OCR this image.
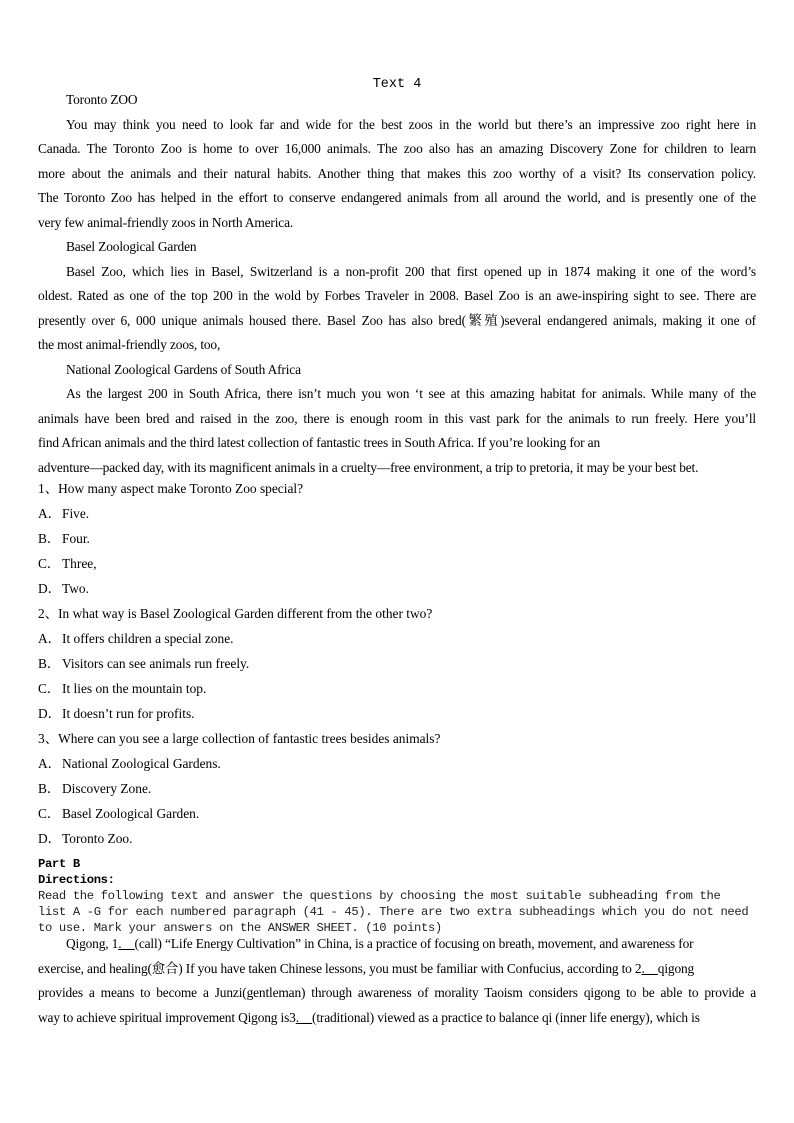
Text 4
Toronto ZOO
You may think you need to look far and wide for the best zoos in the world but there’s an impressive zoo right here in
Canada. The Toronto Zoo is home to over 16,000 animals. The zoo also has an amazing Discovery Zone for children to learn
more about the animals and their natural habits. Another thing that makes this zoo worthy of a visit? Its conservation policy.
The Toronto Zoo has helped in the effort to conserve endangered animals from all around the world, and is presently one of the
very few animal-friendly zoos in North America.
Basel Zoological Garden
Basel Zoo, which lies in Basel, Switzerland is a non-profit 200 that first opened up in 1874 making it one of the word’s
oldest. Rated as one of the top 200 in the wold by Forbes Traveler in 2008. Basel Zoo is an awe-inspiring sight to see. There are
presently over 6, 000 unique animals housed there. Basel Zoo has also bred(繁殖)several endangered animals, making it one of
the most animal-friendly zoos, too,
National Zoological Gardens of South Africa
As the largest 200 in South Africa, there isn’t much you won ‘t see at this amazing habitat for animals. While many of the
animals have been bred and raised in the zoo, there is enough room in this vast park for the animals to run freely. Here you’ll
find African animals and the third latest collection of fantastic trees in South Africa. If you’re looking for an
adventure—packed day, with its magnificent animals in a cruelty—free environment, a trip to pretoria, it may be your best bet.
1、How many aspect make Toronto Zoo special?
A．Five.
B． Four.
C． Three,
D．Two.
2、In what way is Basel Zoological Garden different from the other two?
A．It offers children a special zone.
B． Visitors can see animals run freely.
C． It lies on the mountain top.
D．It doesn’t run for profits.
3、Where can you see a large collection of fantastic trees besides animals?
A．National Zoological Gardens.
B． Discovery Zone.
C． Basel Zoological Garden.
D．Toronto Zoo.
Part B
Directions:
Read the following text and answer the questions by choosing the most suitable subheading from the
list A -G for each numbered paragraph (41 - 45). There are two extra subheadings which you do not need
to use. Mark your answers on the ANSWER SHEET. (10 points)
Qigong, 1.__(call) “Life Energy Cultivation” in China, is a practice of focusing on breath, movement, and awareness for
exercise, and healing(愈合) If you have taken Chinese lessons, you must be familiar with Confucius, according to 2.__qigong
provides a means to become a Junzi(gentleman) through awareness of morality Taoism considers qigong to be able to provide a
way to achieve spiritual improvement Qigong is3.__(traditional) viewed as a practice to balance qi (inner life energy), which is
